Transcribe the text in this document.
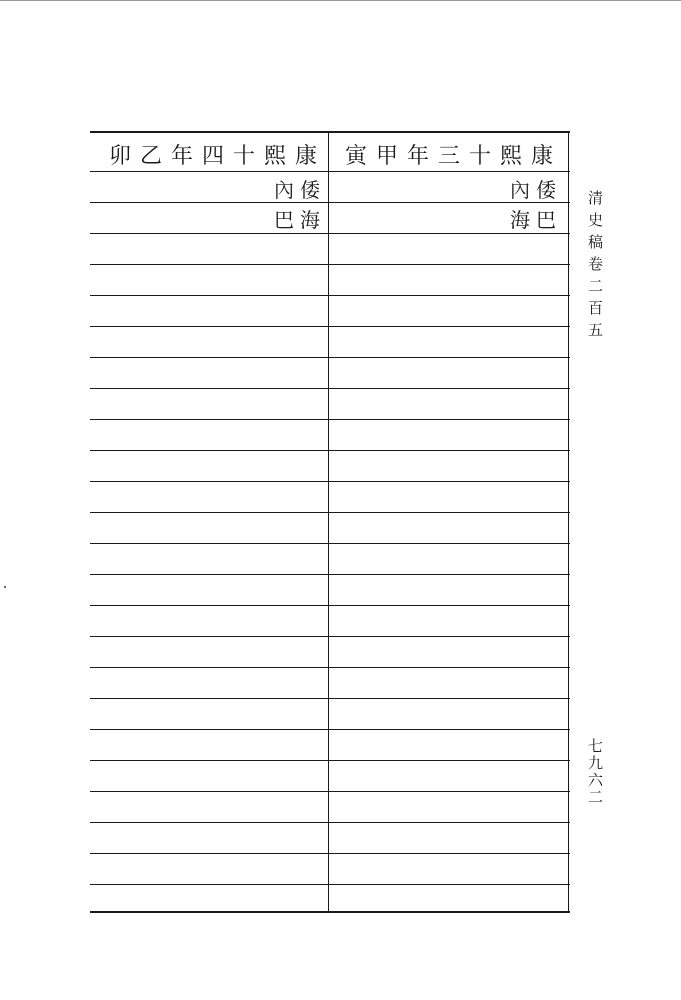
康熙十四年乙卯 康熙十三年甲寅
倭內	倭內
海巴	巴海 清史稿卷二百五
七九六二
